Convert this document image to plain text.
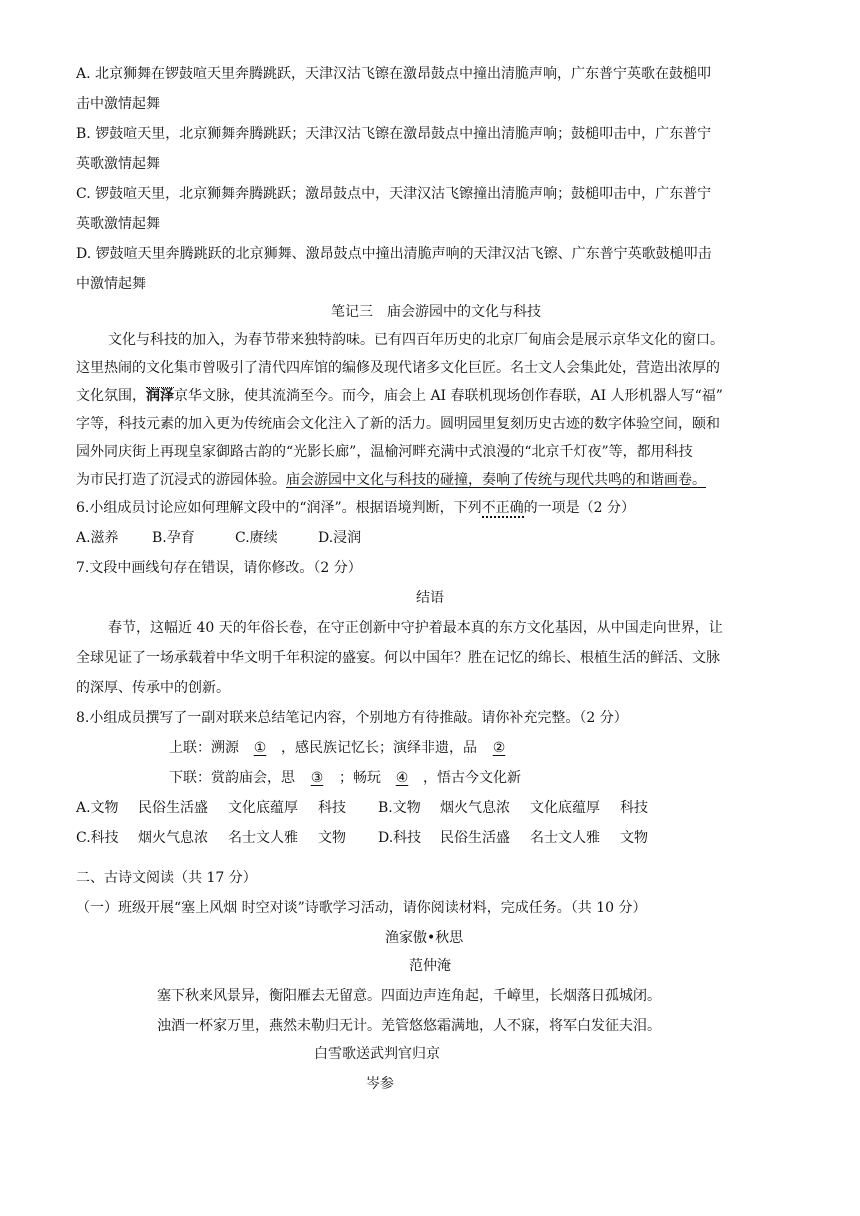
A. 北京狮舞在锣鼓喧天里奔腾跳跃，天津汉沽飞镲在激昂鼓点中撞出清脆声响，广东普宁英歌在鼓槌叩
击中激情起舞
B. 锣鼓喧天里，北京狮舞奔腾跳跃；天津汉沽飞镲在激昂鼓点中撞出清脆声响；鼓槌叩击中，广东普宁
英歌激情起舞
C. 锣鼓喧天里，北京狮舞奔腾跳跃；激昂鼓点中，天津汉沽飞镲撞出清脆声响；鼓槌叩击中，广东普宁
英歌激情起舞
D. 锣鼓喧天里奔腾跳跃的北京狮舞、激昂鼓点中撞出清脆声响的天津汉沽飞镲、广东普宁英歌鼓槌叩击
中激情起舞
笔记三　庙会游园中的文化与科技
文化与科技的加入，为春节带来独特韵味。已有四百年历史的北京厂甸庙会是展示京华文化的窗口。
这里热闹的文化集市曾吸引了清代四库馆的编修及现代诸多文化巨匠。名士文人会集此处，营造出浓厚的
文化氛围，润泽京华文脉，使其流淌至今。而今，庙会上 AI 春联机现场创作春联，AI 人形机器人写“福”
字等，科技元素的加入更为传统庙会文化注入了新的活力。圆明园里复刻历史古迹的数字体验空间，颐和
园外同庆街上再现皇家御路古韵的“光影长廊”，温榆河畔充满中式浪漫的“北京千灯夜”等，都用科技
为市民打造了沉浸式的游园体验。庙会游园中文化与科技的碰撞，奏响了传统与现代共鸣的和谐画卷。
6.小组成员讨论应如何理解文段中的“润泽”。根据语境判断，下列不正确的一项是（2 分）
A.滋养 B.孕育	C.赓续	D.浸润
7.文段中画线句存在错误，请你修改。（2 分）
结语
春节，这幅近 40 天的年俗长卷，在守正创新中守护着最本真的东方文化基因，从中国走向世界，让
全球见证了一场承载着中华文明千年积淀的盛宴。何以中国年？胜在记忆的绵长、根植生活的鲜活、文脉
的深厚、传承中的创新。
8.小组成员撰写了一副对联来总结笔记内容，个别地方有待推敲。请你补充完整。（2 分）
上联：溯源 ① ，感民族记忆长；演绎非遗，品 ②
下联：赏韵庙会，思 ③ ；畅玩 ④ ，悟古今文化新
A.文物 民俗生活盛 文化底蕴厚 科技 B.文物 烟火气息浓 文化底蕴厚 科技
C.科技 烟火气息浓 名士文人雅 文物 D.科技 民俗生活盛 名士文人雅 文物
二、古诗文阅读（共 17 分）
（一）班级开展“塞上风烟 时空对谈”诗歌学习活动，请你阅读材料，完成任务。（共 10 分）
渔家傲•秋思
范仲淹
塞下秋来风景异，衡阳雁去无留意。四面边声连角起，千嶂里，长烟落日孤城闭。
浊酒一杯家万里，燕然未勒归无计。羌管悠悠霜满地，人不寐，将军白发征夫泪。
白雪歌送武判官归京
岑参
